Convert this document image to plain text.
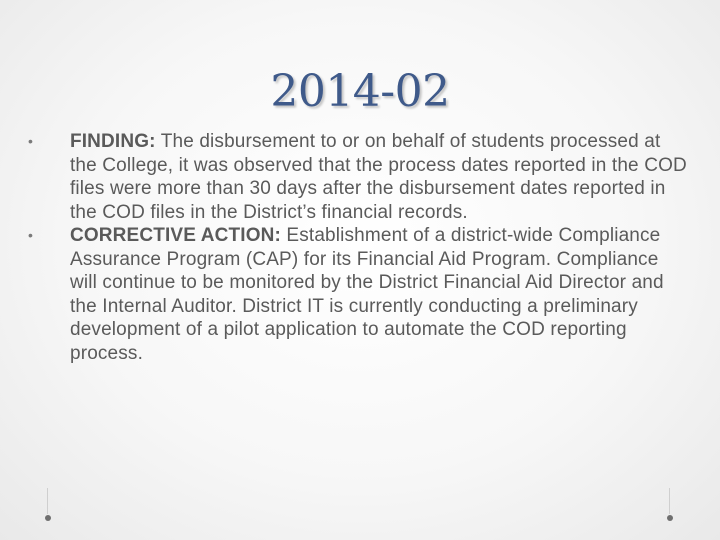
2014-02
•	FINDING: The disbursement to or on behalf of students processed at the College, it was observed that the process dates reported in the COD files were more than 30 days after the disbursement dates reported in the COD files in the District’s financial records.
•	CORRECTIVE ACTION: Establishment of a district-wide Compliance Assurance Program (CAP) for its Financial Aid Program. Compliance will continue to be monitored by the District Financial Aid Director and the Internal Auditor. District IT is currently conducting a preliminary development of a pilot application to automate the COD reporting process.
